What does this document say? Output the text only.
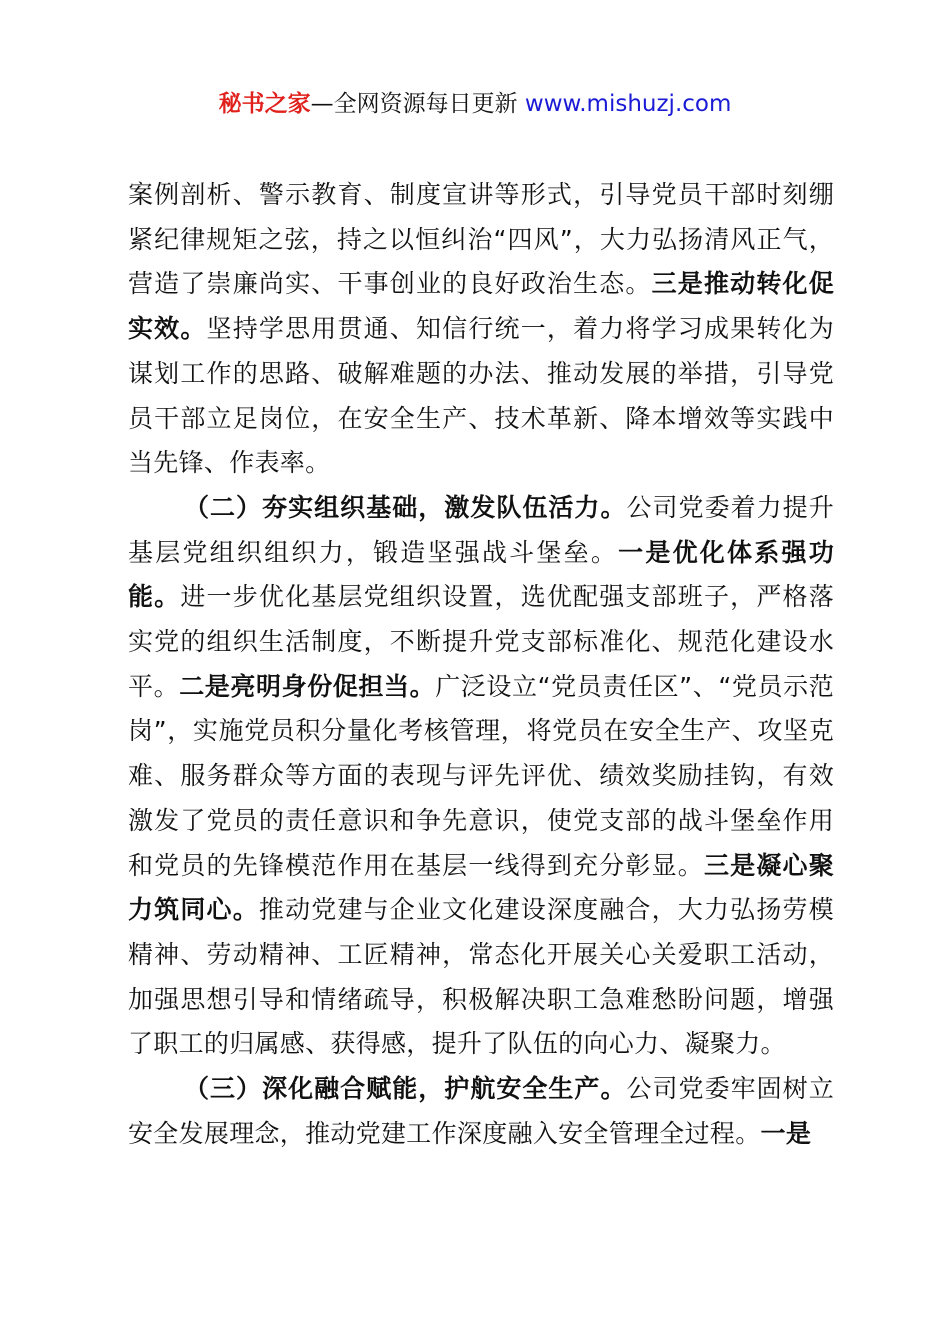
秘书之家—全网资源每日更新 www.mishuzj.com

案例剖析、警示教育、制度宣讲等形式，引导党员干部时刻绷紧纪律规矩之弦，持之以恒纠治“四风”，大力弘扬清风正气，营造了崇廉尚实、干事创业的良好政治生态。三是推动转化促实效。坚持学思用贯通、知信行统一，着力将学习成果转化为谋划工作的思路、破解难题的办法、推动发展的举措，引导党员干部立足岗位，在安全生产、技术革新、降本增效等实践中当先锋、作表率。

（二）夯实组织基础，激发队伍活力。公司党委着力提升基层党组织组织力，锻造坚强战斗堡垒。一是优化体系强功能。进一步优化基层党组织设置，选优配强支部班子，严格落实党的组织生活制度，不断提升党支部标准化、规范化建设水平。二是亮明身份促担当。广泛设立“党员责任区”、“党员示范岗”，实施党员积分量化考核管理，将党员在安全生产、攻坚克难、服务群众等方面的表现与评先评优、绩效奖励挂钩，有效激发了党员的责任意识和争先意识，使党支部的战斗堡垒作用和党员的先锋模范作用在基层一线得到充分彰显。三是凝心聚力筑同心。推动党建与企业文化建设深度融合，大力弘扬劳模精神、劳动精神、工匠精神，常态化开展关心关爱职工活动，加强思想引导和情绪疏导，积极解决职工急难愁盼问题，增强了职工的归属感、获得感，提升了队伍的向心力、凝聚力。

（三）深化融合赋能，护航安全生产。公司党委牢固树立安全发展理念，推动党建工作深度融入安全管理全过程。一是
